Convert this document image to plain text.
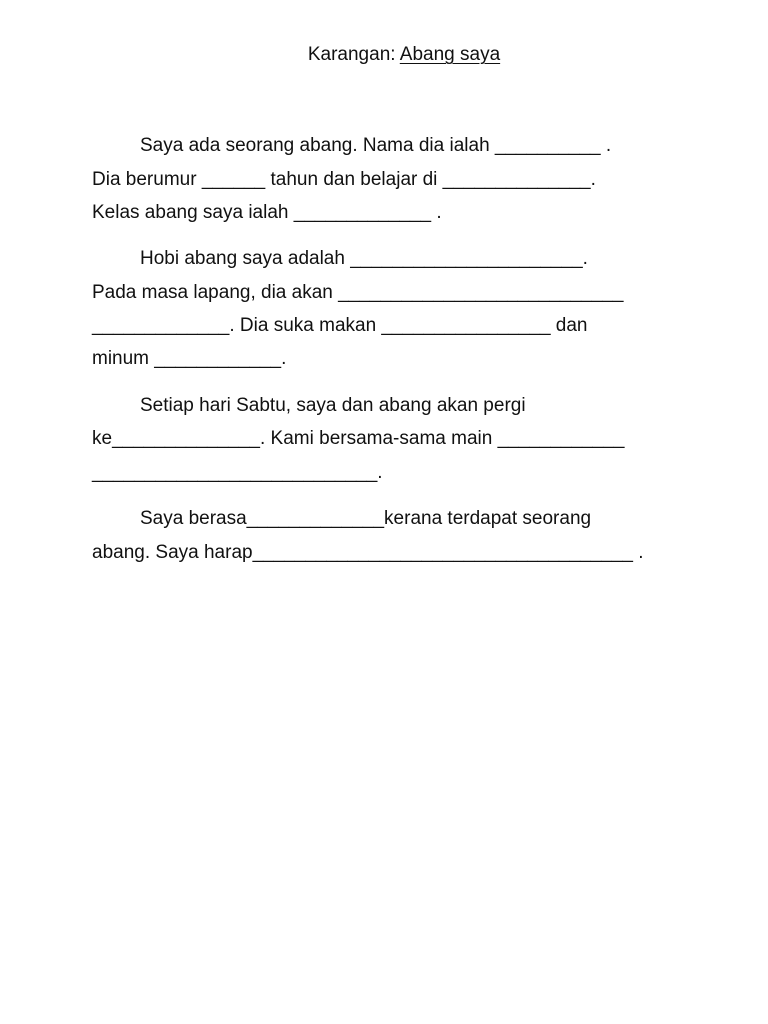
Karangan: Abang saya
Saya ada seorang abang. Nama dia ialah __________ .
Dia berumur ______ tahun dan belajar di ______________.
Kelas abang saya ialah _____________ .
Hobi abang saya adalah ______________________.
Pada masa lapang, dia akan ___________________________
_____________. Dia suka makan ________________ dan
minum ____________.
Setiap hari Sabtu, saya dan abang akan pergi
ke______________. Kami bersama-sama main ____________
___________________________.
Saya berasa_____________kerana terdapat seorang
abang. Saya harap____________________________________ .
